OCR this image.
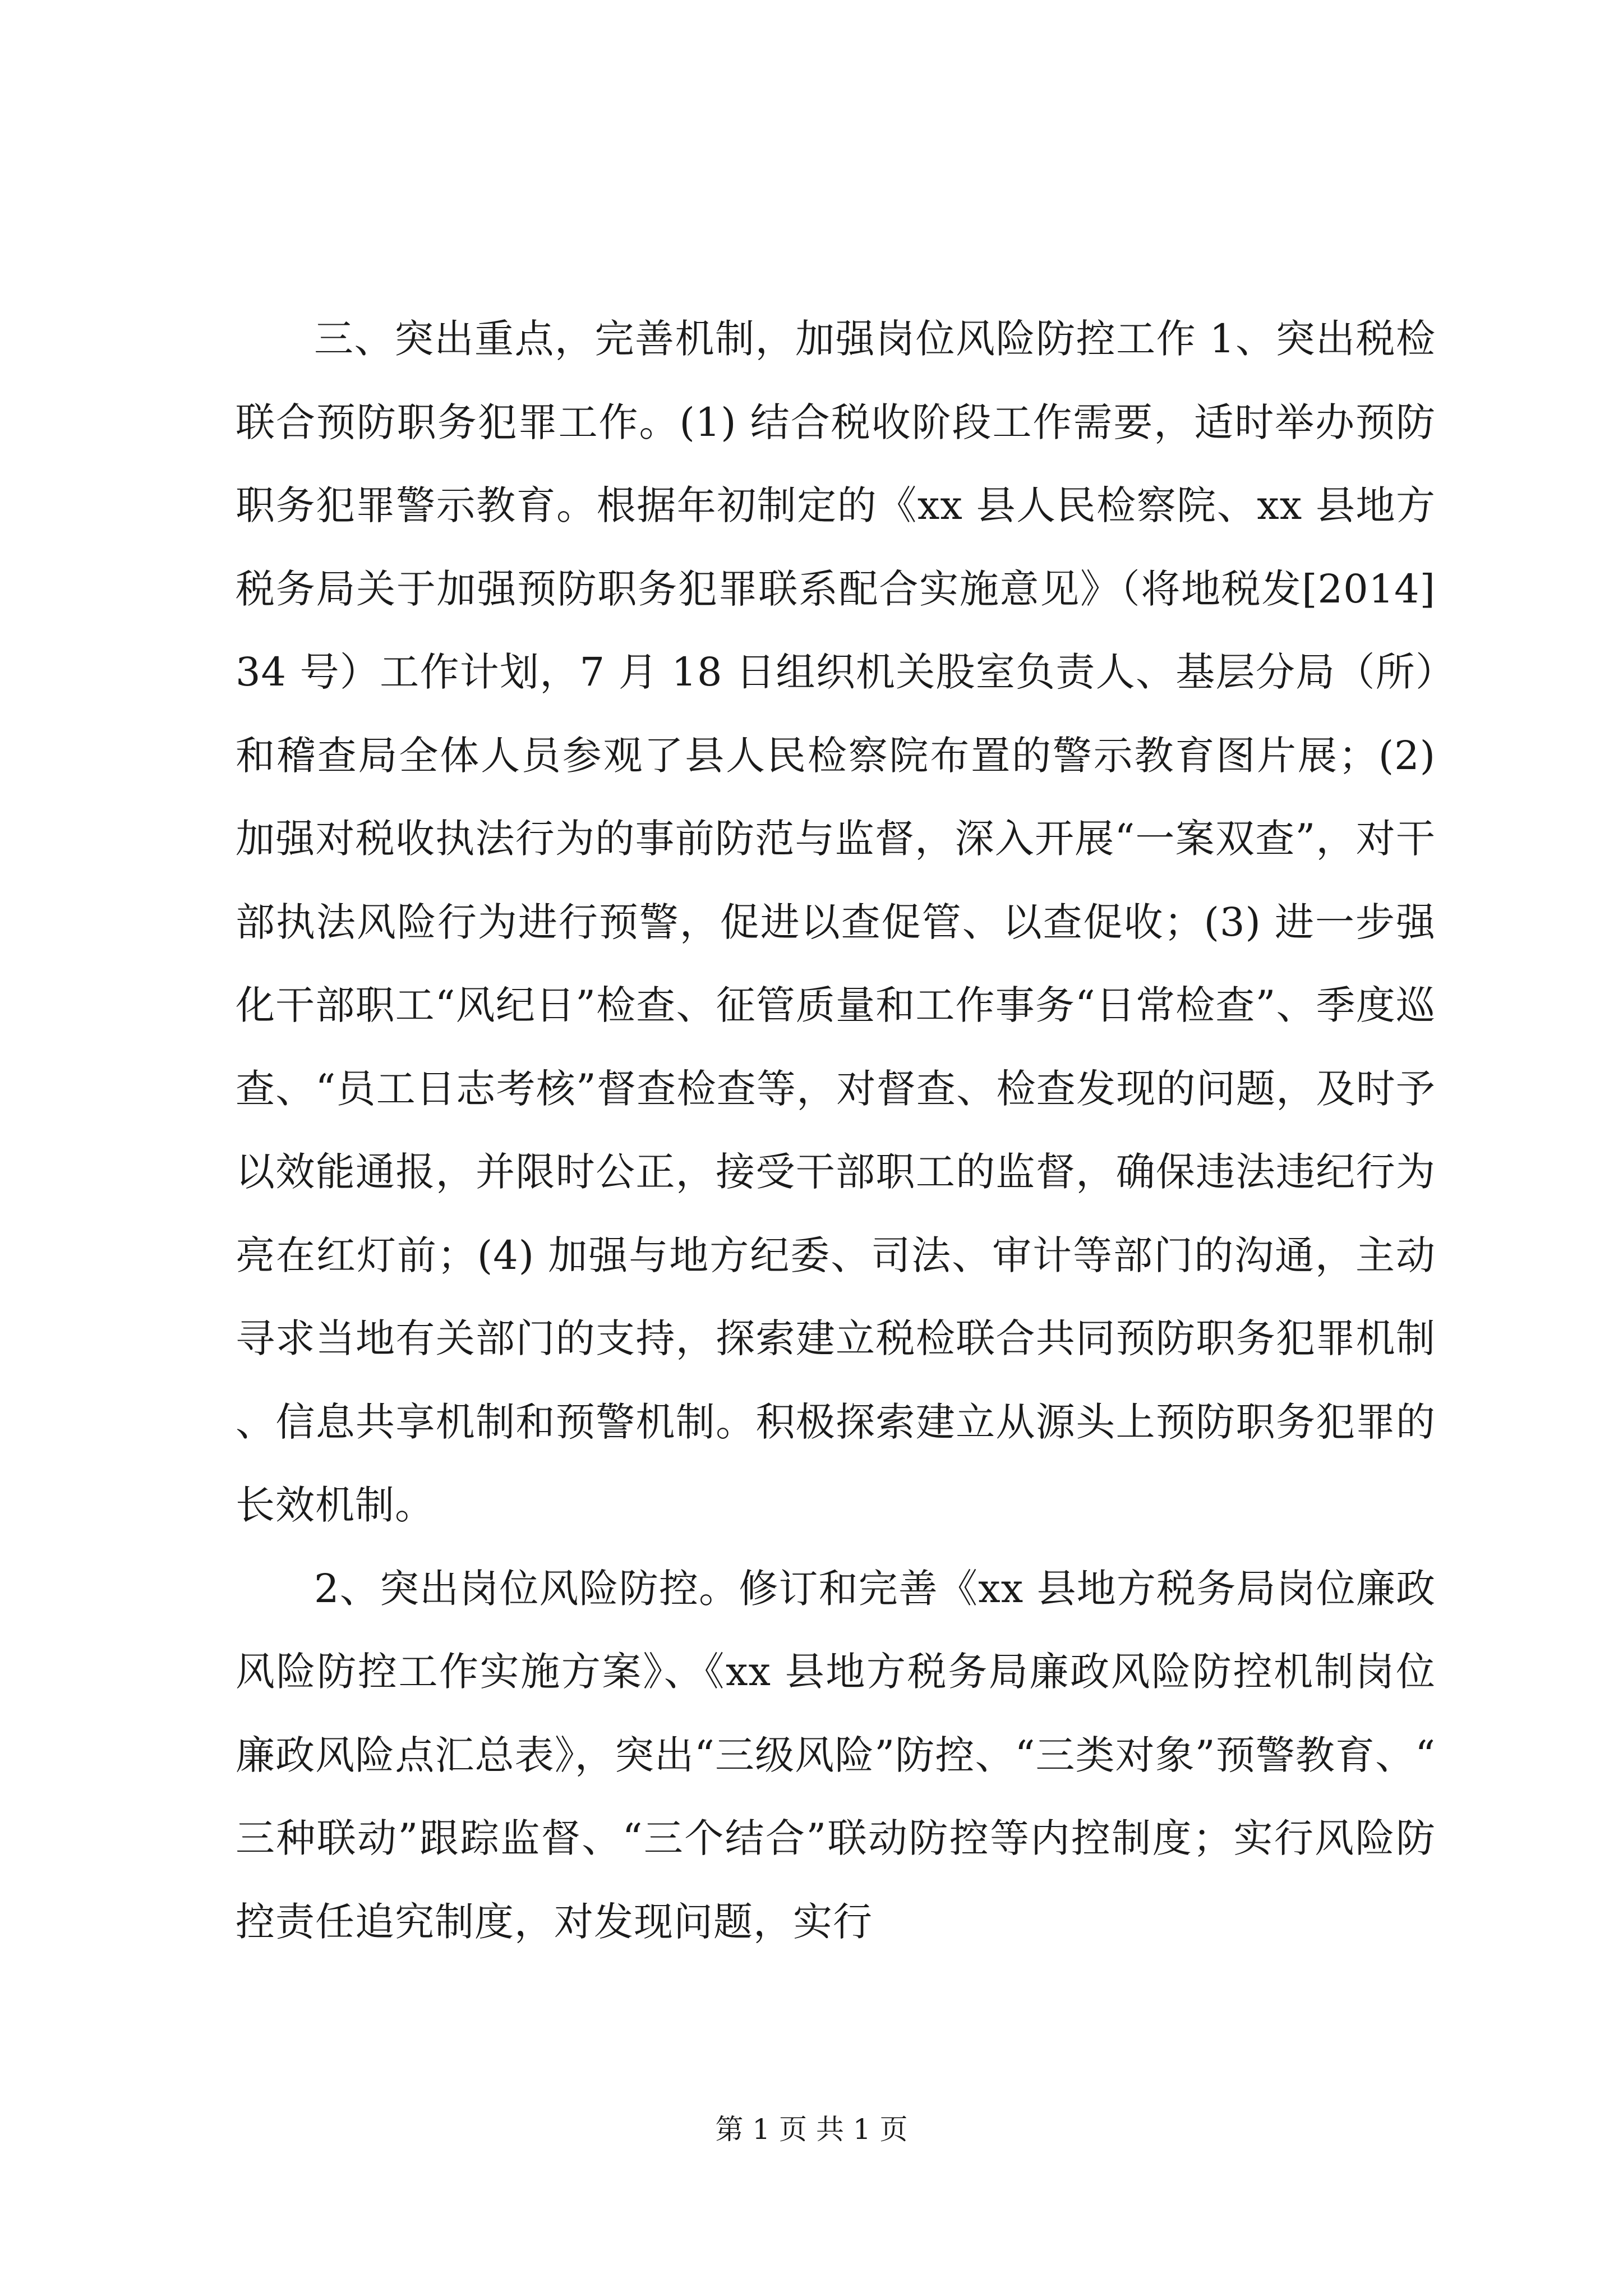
三、突出重点，完善机制，加强岗位风险防控工作 1、突出税检联合预防职务犯罪工作。(1) 结合税收阶段工作需要，适时举办预防职务犯罪警示教育。根据年初制定的《xx 县人民检察院、xx 县地方税务局关于加强预防职务犯罪联系配合实施意见》（将地税发[2014]34 号）工作计划，7 月 18 日组织机关股室负责人、基层分局（所）和稽查局全体人员参观了县人民检察院布置的警示教育图片展；(2) 加强对税收执法行为的事前防范与监督，深入开展“一案双查”，对干部执法风险行为进行预警，促进以查促管、以查促收；(3) 进一步强化干部职工“风纪日”检查、征管质量和工作事务“日常检查”、季度巡查、“员工日志考核”督查检查等，对督查、检查发现的问题，及时予以效能通报，并限时公正，接受干部职工的监督，确保违法违纪行为亮在红灯前；(4) 加强与地方纪委、司法、审计等部门的沟通，主动寻求当地有关部门的支持，探索建立税检联合共同预防职务犯罪机制、信息共享机制和预警机制。积极探索建立从源头上预防职务犯罪的长效机制。

2、突出岗位风险防控。修订和完善《xx 县地方税务局岗位廉政风险防控工作实施方案》、《xx 县地方税务局廉政风险防控机制岗位廉政风险点汇总表》，突出“三级风险”防控、“三类对象”预警教育、“三种联动”跟踪监督、“三个结合”联动防控等内控制度；实行风险防控责任追究制度，对发现问题，实行

第 1 页 共 1 页
